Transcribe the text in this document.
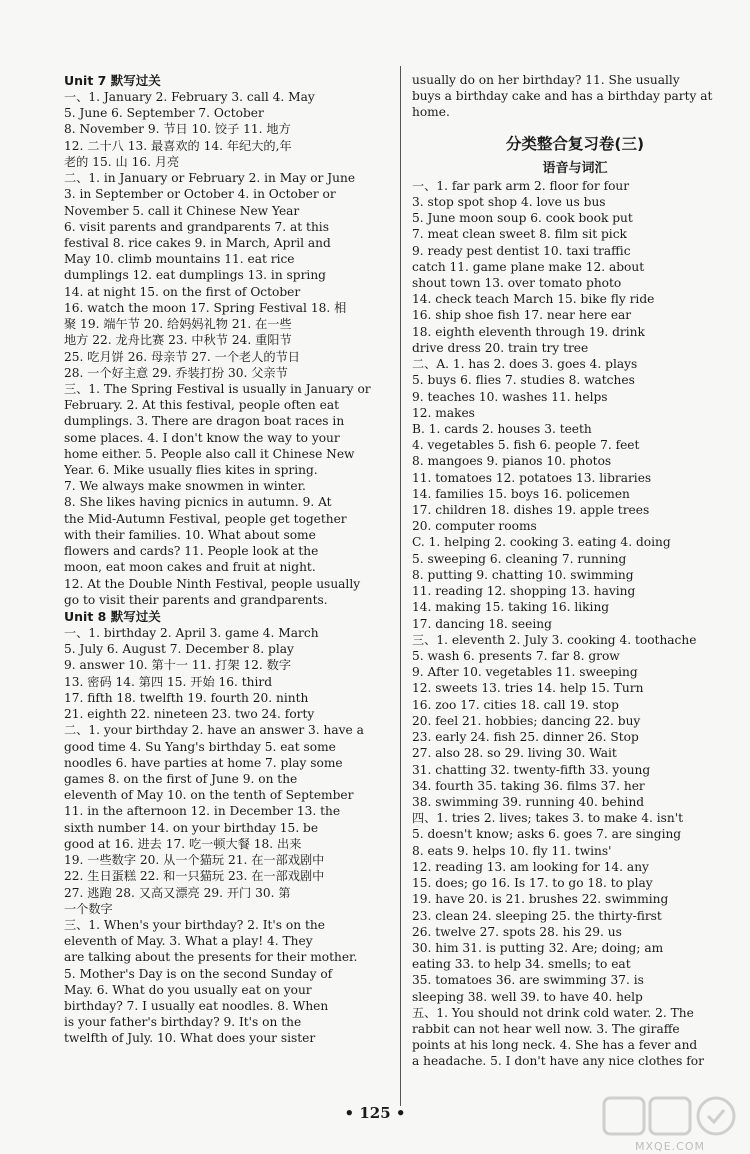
Unit 7 默写过关
一、1. January 2. February 3. call 4. May
5. June 6. September 7. October
8. November 9. 节日 10. 饺子 11. 地方
12. 二十八 13. 最喜欢的 14. 年纪大的,年
老的 15. 山 16. 月亮
二、1. in January or February 2. in May or June
3. in September or October 4. in October or
November 5. call it Chinese New Year
6. visit parents and grandparents 7. at this
festival 8. rice cakes 9. in March, April and
May 10. climb mountains 11. eat rice
dumplings 12. eat dumplings 13. in spring
14. at night 15. on the first of October
16. watch the moon 17. Spring Festival 18. 相
聚 19. 端午节 20. 给妈妈礼物 21. 在一些
地方 22. 龙舟比赛 23. 中秋节 24. 重阳节
25. 吃月饼 26. 母亲节 27. 一个老人的节日
28. 一个好主意 29. 乔装打扮 30. 父亲节
三、1. The Spring Festival is usually in January or
February. 2. At this festival, people often eat
dumplings. 3. There are dragon boat races in
some places. 4. I don't know the way to your
home either. 5. People also call it Chinese New
Year. 6. Mike usually flies kites in spring.
7. We always make snowmen in winter.
8. She likes having picnics in autumn. 9. At
the Mid-Autumn Festival, people get together
with their families. 10. What about some
flowers and cards? 11. People look at the
moon, eat moon cakes and fruit at night.
12. At the Double Ninth Festival, people usually
go to visit their parents and grandparents.
Unit 8 默写过关
一、1. birthday 2. April 3. game 4. March
5. July 6. August 7. December 8. play
9. answer 10. 第十一 11. 打架 12. 数字
13. 密码 14. 第四 15. 开始 16. third
17. fifth 18. twelfth 19. fourth 20. ninth
21. eighth 22. nineteen 23. two 24. forty
二、1. your birthday 2. have an answer 3. have a
good time 4. Su Yang's birthday 5. eat some
noodles 6. have parties at home 7. play some
games 8. on the first of June 9. on the
eleventh of May 10. on the tenth of September
11. in the afternoon 12. in December 13. the
sixth number 14. on your birthday 15. be
good at 16. 进去 17. 吃一顿大餐 18. 出来
19. 一些数字 20. 从一个猫玩 21. 在一部戏剧中
22. 生日蛋糕 22. 和一只猫玩 23. 在一部戏剧中
27. 逃跑 28. 又高又漂亮 29. 开门 30. 第
一个数字
三、1. When's your birthday? 2. It's on the
eleventh of May. 3. What a play! 4. They
are talking about the presents for their mother.
5. Mother's Day is on the second Sunday of
May. 6. What do you usually eat on your
birthday? 7. I usually eat noodles. 8. When
is your father's birthday? 9. It's on the
twelfth of July. 10. What does your sister
usually do on her birthday? 11. She usually
buys a birthday cake and has a birthday party at
home.
分类整合复习卷(三)
语音与词汇
一、1. far park arm 2. floor for four
3. stop spot shop 4. love us bus
5. June moon soup 6. cook book put
7. meat clean sweet 8. film sit pick
9. ready pest dentist 10. taxi traffic
catch 11. game plane make 12. about
shout town 13. over tomato photo
14. check teach March 15. bike fly ride
16. ship shoe fish 17. near here ear
18. eighth eleventh through 19. drink
drive dress 20. train try tree
二、A. 1. has 2. does 3. goes 4. plays
5. buys 6. flies 7. studies 8. watches
9. teaches 10. washes 11. helps
12. makes
B. 1. cards 2. houses 3. teeth
4. vegetables 5. fish 6. people 7. feet
8. mangoes 9. pianos 10. photos
11. tomatoes 12. potatoes 13. libraries
14. families 15. boys 16. policemen
17. children 18. dishes 19. apple trees
20. computer rooms
C. 1. helping 2. cooking 3. eating 4. doing
5. sweeping 6. cleaning 7. running
8. putting 9. chatting 10. swimming
11. reading 12. shopping 13. having
14. making 15. taking 16. liking
17. dancing 18. seeing
三、1. eleventh 2. July 3. cooking 4. toothache
5. wash 6. presents 7. far 8. grow
9. After 10. vegetables 11. sweeping
12. sweets 13. tries 14. help 15. Turn
16. zoo 17. cities 18. call 19. stop
20. feel 21. hobbies; dancing 22. buy
23. early 24. fish 25. dinner 26. Stop
27. also 28. so 29. living 30. Wait
31. chatting 32. twenty-fifth 33. young
34. fourth 35. taking 36. films 37. her
38. swimming 39. running 40. behind
四、1. tries 2. lives; takes 3. to make 4. isn't
5. doesn't know; asks 6. goes 7. are singing
8. eats 9. helps 10. fly 11. twins'
12. reading 13. am looking for 14. any
15. does; go 16. Is 17. to go 18. to play
19. have 20. is 21. brushes 22. swimming
23. clean 24. sleeping 25. the thirty-first
26. twelve 27. spots 28. his 29. us
30. him 31. is putting 32. Are; doing; am
eating 33. to help 34. smells; to eat
35. tomatoes 36. are swimming 37. is
sleeping 38. well 39. to have 40. help
五、1. You should not drink cold water. 2. The
rabbit can not hear well now. 3. The giraffe
points at his long neck. 4. She has a fever and
a headache. 5. I don't have any nice clothes for
• 125 •
MXQE.COM
